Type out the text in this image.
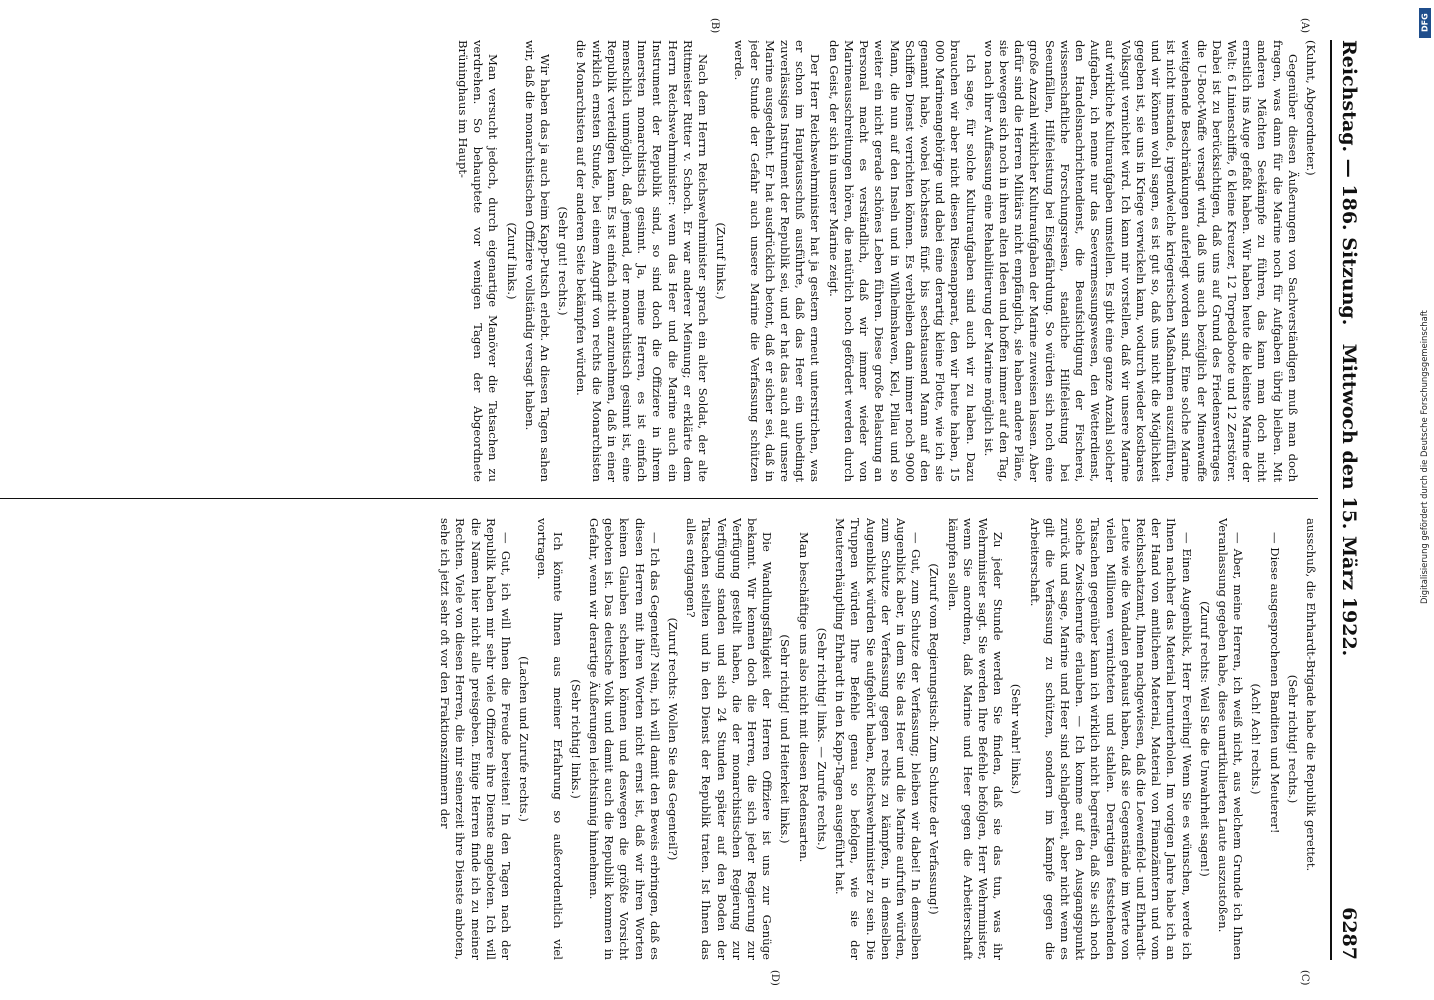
Reichstag. — 186. Sitzung.
Mittwoch den 15. März 1922.
6287
(A)
(B)
(C)
(D)

(Kuhnt, Abgeordneter.)

Gegenüber diesen Äußerungen von Sachverständigen muß man doch fragen, was dann für die Marine noch für Aufgaben übrig bleiben. Mit anderen Mächten Seekämpfe zu führen, das kann man doch nicht ernstlich ins Auge gefaßt haben. Wir haben heute die kleinste Marine der Welt: 6 Linienschiffe, 6 kleine Kreuzer, 12 Torpedoboote und 12 Zerstörer. Dabei ist zu berücksichtigen, daß uns auf Grund des Friedensvertrages die U-Boot-Waffe versagt wird, daß uns auch bezüglich der Minenwaffe weitgehende Beschränkungen auferlegt worden sind. Eine solche Marine ist nicht imstande, irgendwelche kriegerischen Maßnahmen auszuführen, und wir können wohl sagen, es ist gut so, daß uns nicht die Möglichkeit gegeben ist, sie uns in Kriege verwickeln kann, wodurch wieder kostbares Volksgut vernichtet wird. Ich kann mir vorstellen, daß wir unsere Marine auf wirkliche Kulturaufgaben umstellen. Es gibt eine ganze Anzahl solcher Aufgaben, ich nenne nur das Seevermessungswesen, den Wetterdienst, den Handelsnachrichtendienst, die Beaufsichtigung der Fischerei, wissenschaftliche Forschungsreisen, staatliche Hilfeleistung bei Seeunfällen, Hilfeleistung bei Eisgefährdung. So würden sich noch eine große Anzahl wirklicher Kulturaufgaben der Marine zuweisen lassen. Aber dafür sind die Herren Militärs nicht empfänglich, sie haben andere Pläne, sie bewegen sich noch in ihren alten Ideen und hoffen immer auf den Tag, wo nach ihrer Auffassung eine Rehabilitierung der Marine möglich ist.

Ich sage, für solche Kulturaufgaben sind auch wir zu haben. Dazu brauchen wir aber nicht diesen Riesenapparat, den wir heute haben, 15 000 Marineangehörige und dabei eine derartig kleine Flotte, wie ich sie genannt habe, wobei höchstens fünf- bis sechstausend Mann auf den Schiffen Dienst verrichten können. Es verbleiben dann immer noch 9000 Mann, die nun auf den Inseln und in Wilhelmshaven, Kiel, Pillau und so weiter ein nicht gerade schönes Leben führen. Diese große Belastung an Personal macht es verständlich, daß wir immer wieder von Marineausschreitungen hören, die natürlich noch gefördert werden durch den Geist, der sich in unserer Marine zeigt.

Der Herr Reichswehrminister hat ja gestern erneut unterstrichen, was er schon im Hauptausschuß ausführte, daß das Heer ein unbedingt zuverlässiges Instrument der Republik sei, und er hat das auch auf unsere Marine ausgedehnt. Er hat ausdrücklich betont, daß er sicher sei, daß in jeder Stunde der Gefahr auch unsere Marine die Verfassung schützen werde.

(Zuruf links.)

Nach dem Herrn Reichswehrminister sprach ein alter Soldat, der alte Rittmeister Ritter v. Schoch. Er war anderer Meinung; er erklärte dem Herrn Reichswehrminister: wenn das Heer und die Marine auch ein Instrument der Republik sind, so sind doch die Offiziere in ihrem Innersten monarchistisch gesinnt. Ja, meine Herren, es ist einfach menschlich unmöglich, daß jemand, der monarchistisch gesinnt ist, eine Republik verteidigen kann. Es ist einfach nicht anzunehmen, daß in einer wirklich ernsten Stunde, bei einem Angriff von rechts die Monarchisten die Monarchisten auf der anderen Seite bekämpfen würden.

(Sehr gut! rechts.)

Wir haben das ja auch beim Kapp-Putsch erlebt. An diesen Tagen sahen wir, daß die monarchistischen Offiziere vollständig versagt haben.

(Zuruf links.)

Man versucht jedoch, durch eigenartige Manöver die Tatsachen zu verdrehen. So behauptete vor wenigen Tagen der Abgeordnete Brüninghaus im Haupt-

ausschuß, die Ehrhardt-Brigade habe die Republik gerettet.

(Sehr richtig! rechts.)

— Diese ausgesprochenen Banditen und Meuterer!

(Ach! Ach! rechts.)

— Aber, meine Herren, ich weiß nicht, aus welchem Grunde ich Ihnen Veranlassung gegeben habe, diese unartikulierten Laute auszustoßen.

(Zuruf rechts: Weil Sie die Unwahrheit sagen!)

— Einen Augenblick, Herr Everling! Wenn Sie es wünschen, werde ich Ihnen nachher das Material herunterholen. Im vorigen Jahre habe ich an der Hand von amtlichem Material, Material von Finanzämtern und vom Reichsschatzamt, Ihnen nachgewiesen, daß die Loewenfeld- und Ehrhardt-Leute wie die Vandalen gehaust haben, daß sie Gegenstände im Werte von vielen Millionen vernichteten und stahlen. Derartigen feststehenden Tatsachen gegenüber kann ich wirklich nicht begreifen, daß Sie sich noch solche Zwischenrufe erlauben. — Ich komme auf den Ausgangspunkt zurück und sage, Marine und Heer sind schlagbereit, aber nicht wenn es gilt die Verfassung zu schützen, sondern im Kampfe gegen die Arbeiterschaft.

(Sehr wahr! links.)

Zu jeder Stunde werden Sie finden, daß sie das tun, was ihr Wehrminister sagt. Sie werden Ihre Befehle befolgen, Herr Wehrminister, wenn Sie anordnen, daß Marine und Heer gegen die Arbeiterschaft kämpfen sollen.

(Zuruf vom Regierungstisch: Zum Schutze der Verfassung!)

— Gut, zum Schutze der Verfassung; bleiben wir dabei! In demselben Augenblick aber, in dem Sie das Heer und die Marine aufrufen würden, zum Schutze der Verfassung gegen rechts zu kämpfen, in demselben Augenblick würden Sie aufgehört haben, Reichswehrminister zu sein. Die Truppen würden Ihre Befehle genau so befolgen, wie sie der Meutererhäuptling Ehrhardt in den Kapp-Tagen ausgeführt hat.

(Sehr richtig! links. — Zurufe rechts.)

Man beschäftige uns also nicht mit diesen Redensarten.

(Sehr richtig! und Heiterkeit links.)

Die Wandlungsfähigkeit der Herren Offiziere ist uns zur Genüge bekannt. Wir kennen doch die Herren, die sich jeder Regierung zur Verfügung gestellt haben, die der monarchistischen Regierung zur Verfügung standen und sich 24 Stunden später auf den Boden der Tatsachen stellten und in den Dienst der Republik traten. Ist Ihnen das alles entgangen?

(Zuruf rechts: Wollen Sie das Gegenteil?)

— Ich das Gegenteil? Nein, ich will damit den Beweis erbringen, daß es diesen Herren mit ihren Worten nicht ernst ist, daß wir ihren Worten keinen Glauben schenken können und deswegen die größte Vorsicht geboten ist. Das deutsche Volk und damit auch die Republik kommen in Gefahr, wenn wir derartige Äußerungen leichtsinnig hinnehmen.

(Sehr richtig! links.)

Ich könnte Ihnen aus meiner Erfahrung so außerordentlich viel vortragen.

(Lachen und Zurufe rechts.)

— Gut, ich will Ihnen die Freude bereiten! In den Tagen nach der Republik haben mir sehr viele Offiziere ihre Dienste angeboten. Ich will die Namen hier nicht alle preisgeben. Einige Herren finde ich zu meiner Rechten. Viele von diesen Herren, die mir seinerzeit ihre Dienste anboten, sehe ich jetzt sehr oft vor den Fraktionszimmern der

DFG
Digitalisierung gefördert durch die Deutsche Forschungsgemeinschaft
